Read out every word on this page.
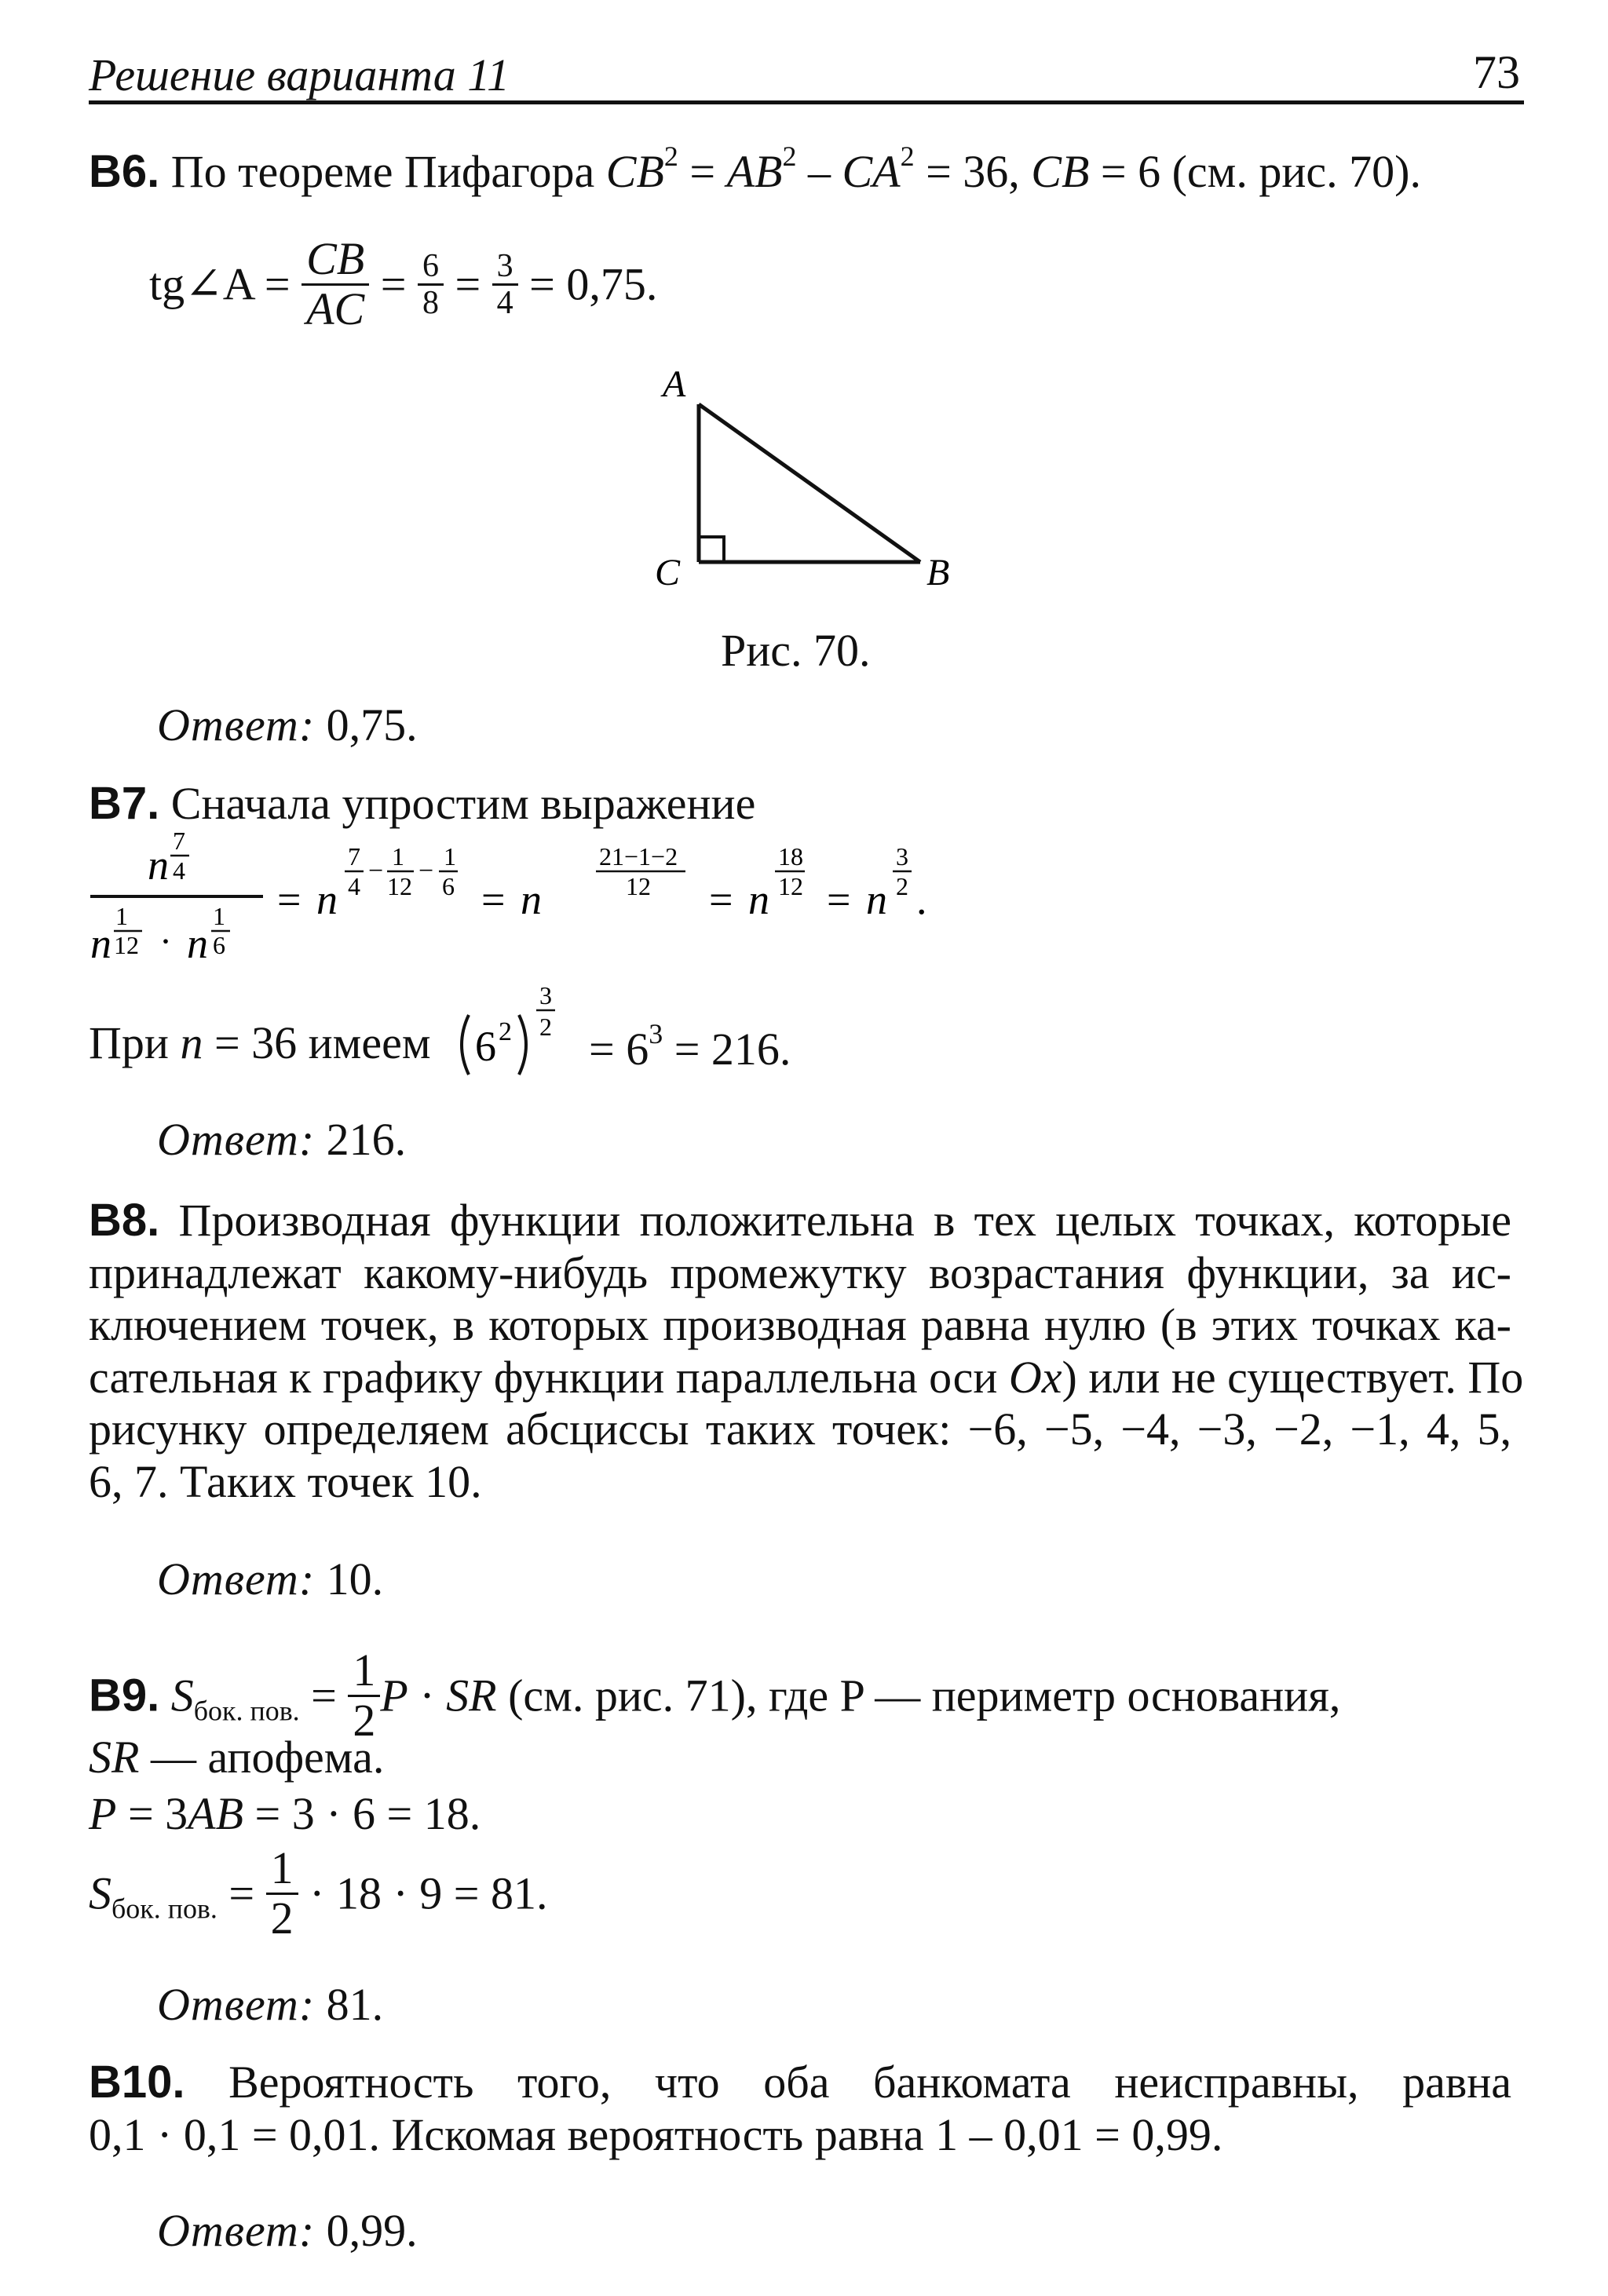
Решение варианта 11	73
B6. По теореме Пифагора $CB^2 = AB^2 - CA^2 = 36$, CB = 6 (см. рис. 70).
tg∠A = $\frac{CB}{AC} = \frac{6}{8} = \frac{3}{4} = 0,75$.
A
C	B
Рис. 70.
Ответ: 0,75.
B7. Сначала упростим выражение
n
7
4
n
1
12 · n
1
6
= n
7
4
− 1
12
− 1
6 = n
21−1−2
12 = n
18
12 = n
3
2 .
При n = 36 имеем 6 2
3
$2 = 6^3 = 216$.
Ответ: 216.
B8. Производная функции положительна в тех целых точках, которые
принадлежат какому-нибудь промежутку возрастания функции, за ис-
ключением точек, в которых производная равна нулю (в этих точках ка-
сательная к графику функции параллельна оси Ox) или не существует. По
рисунку определяем абсциссы таких точек: −6, −5, −4, −3, −2, −1, 4, 5,
6, 7. Таких точек 10.
Ответ: 10.
B9. $S_{бок. пов.} = \frac{1}{2}$ P · SR (см. рис. 71), где P — периметр основания,
SR — апофема.
P = 3AB = 3 · 6 = 18.
$S_{бок. пов.} = \frac{1}{2} \cdot 18 \cdot 9 = 81$.
Ответ: 81.
B10. Вероятность того, что оба банкомата неисправны, равна
0,1 · 0,1 = 0,01. Искомая вероятность равна 1 – 0,01 = 0,99.
Ответ: 0,99.
